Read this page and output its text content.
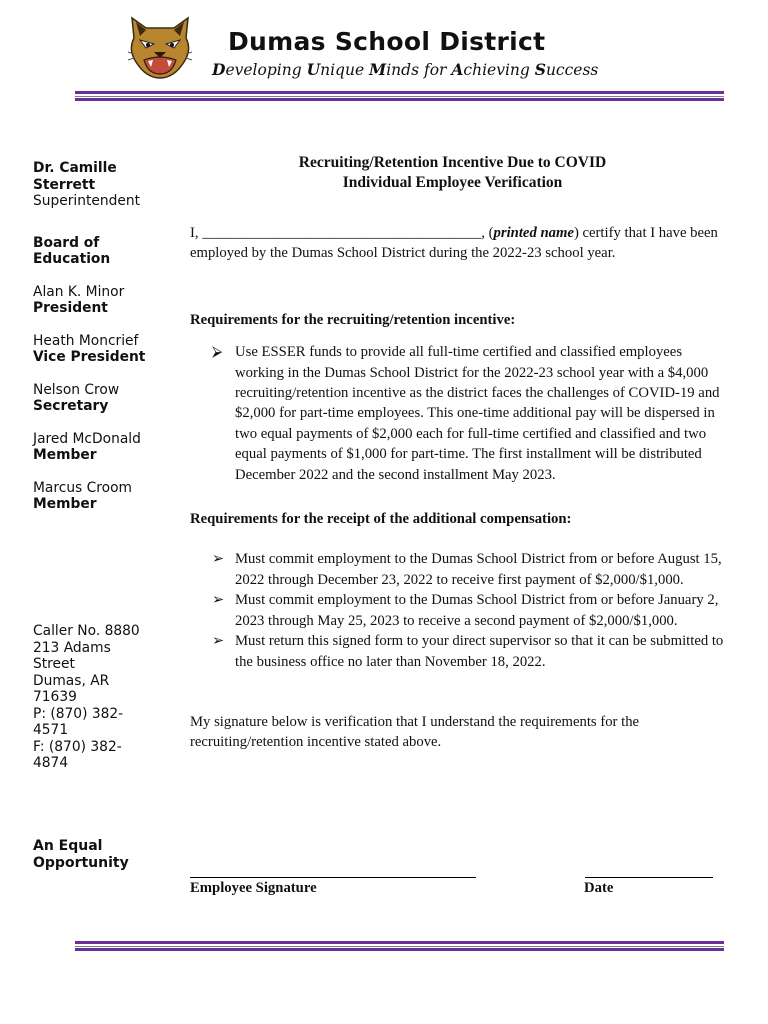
Dumas School District
Developing Unique Minds for Achieving Success
Dr. Camille
Sterrett
Superintendent
Board of
Education
Alan K. Minor
President
Heath Moncrief
Vice President
Nelson Crow
Secretary
Jared McDonald
Member
Marcus Croom
Member
Caller No. 8880
213 Adams
Street
Dumas, AR
71639
P: (870) 382-
4571
F: (870) 382-
4874
An Equal
Opportunity
Recruiting/Retention Incentive Due to COVID
Individual Employee Verification

I, ______________________________________, (printed name) certify that I have been employed by the Dumas School District during the 2022-23 school year.

Requirements for the recruiting/retention incentive:

⮚ Use ESSER funds to provide all full-time certified and classified employees working in the Dumas School District for the 2022-23 school year with a $4,000 recruiting/retention incentive as the district faces the challenges of COVID-19 and $2,000 for part-time employees. This one-time additional pay will be dispersed in two equal payments of $2,000 each for full-time certified and classified and two equal payments of $1,000 for part-time. The first installment will be distributed December 2022 and the second installment May 2023.

Requirements for the receipt of the additional compensation:

➢ Must commit employment to the Dumas School District from or before August 15, 2022 through December 23, 2022 to receive first payment of $2,000/$1,000.
➢ Must commit employment to the Dumas School District from or before January 2, 2023 through May 25, 2023 to receive a second payment of $2,000/$1,000.
➢ Must return this signed form to your direct supervisor so that it can be submitted to the business office no later than November 18, 2022.

My signature below is verification that I understand the requirements for the recruiting/retention incentive stated above.

Employee Signature	Date
